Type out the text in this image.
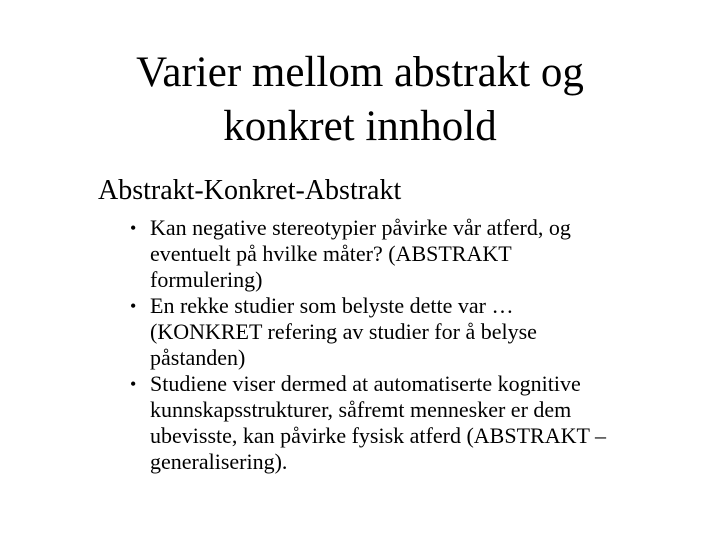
Varier mellom abstrakt og
konkret innhold

Abstrakt-Konkret-Abstrakt

• Kan negative stereotypier påvirke vår atferd, og
eventuelt på hvilke måter? (ABSTRAKT
formulering)
• En rekke studier som belyste dette var …
(KONKRET refering av studier for å belyse
påstanden)
• Studiene viser dermed at automatiserte kognitive
kunnskapsstrukturer, såfremt mennesker er dem
ubevisste, kan påvirke fysisk atferd (ABSTRAKT –
generalisering).
